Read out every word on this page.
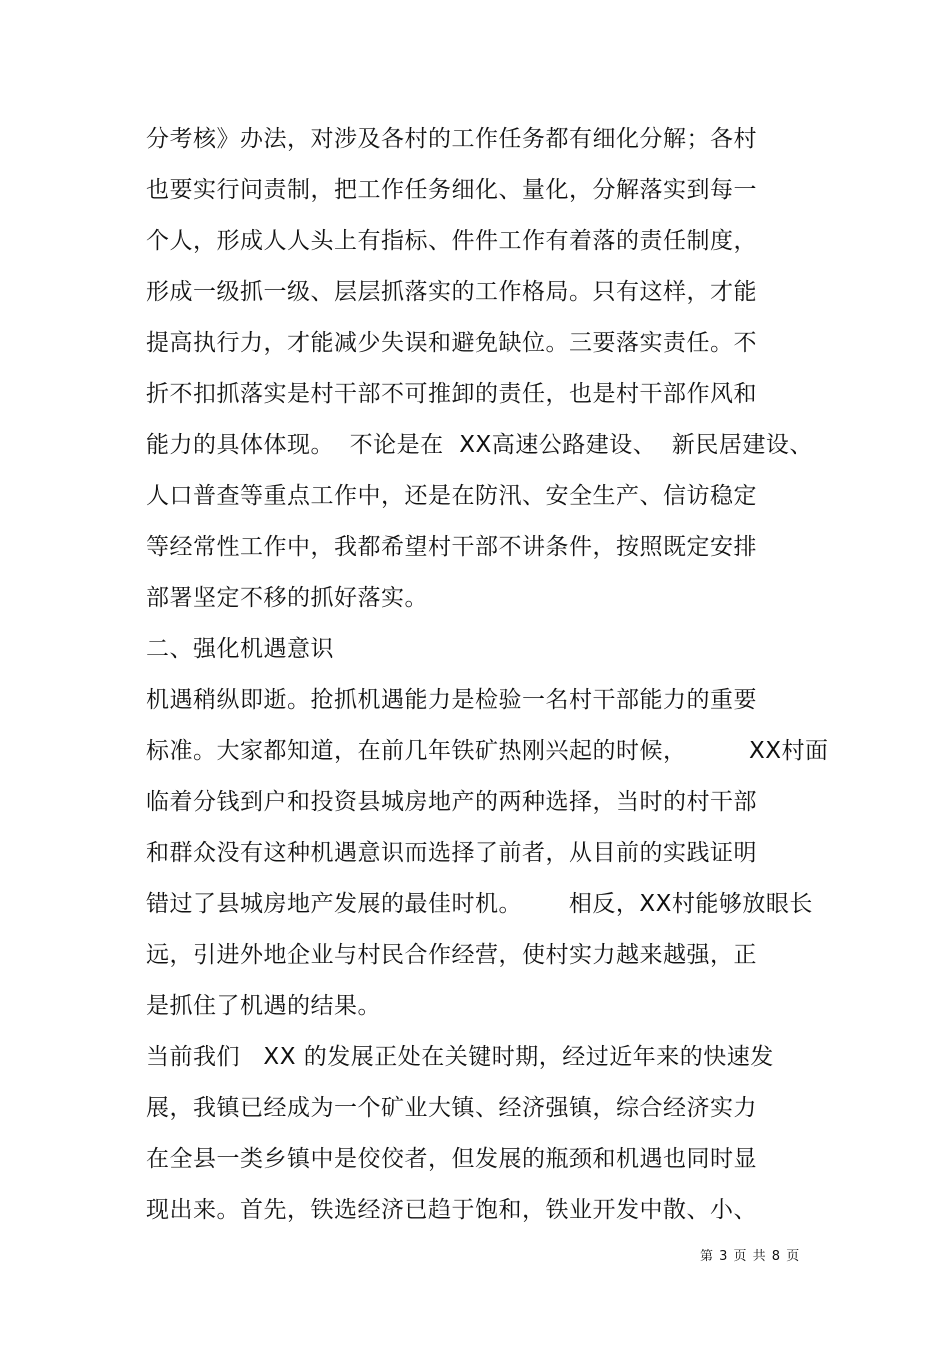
分考核》办法，对涉及各村的工作任务都有细化分解；各村
也要实行问责制，把工作任务细化、量化，分解落实到每一
个人，形成人人头上有指标、件件工作有着落的责任制度，
形成一级抓一级、层层抓落实的工作格局。只有这样，才能
提高执行力，才能减少失误和避免缺位。三要落实责任。不
折不扣抓落实是村干部不可推卸的责任，也是村干部作风和
能力的具体体现。  不论是在  XX高速公路建设、  新民居建设、
人口普查等重点工作中，还是在防汛、安全生产、信访稳定
等经常性工作中，我都希望村干部不讲条件，按照既定安排
部署坚定不移的抓好落实。
二、强化机遇意识
机遇稍纵即逝。抢抓机遇能力是检验一名村干部能力的重要
标准。大家都知道，在前几年铁矿热刚兴起的时候，        XX村面
临着分钱到户和投资县城房地产的两种选择，当时的村干部
和群众没有这种机遇意识而选择了前者，从目前的实践证明
错过了县城房地产发展的最佳时机。      相反，XX村能够放眼长
远，引进外地企业与村民合作经营，使村实力越来越强，正
是抓住了机遇的结果。
当前我们   XX 的发展正处在关键时期，经过近年来的快速发
展，我镇已经成为一个矿业大镇、经济强镇，综合经济实力
在全县一类乡镇中是佼佼者，但发展的瓶颈和机遇也同时显
现出来。首先，铁选经济已趋于饱和，铁业开发中散、小、
第 3 页 共 8 页
